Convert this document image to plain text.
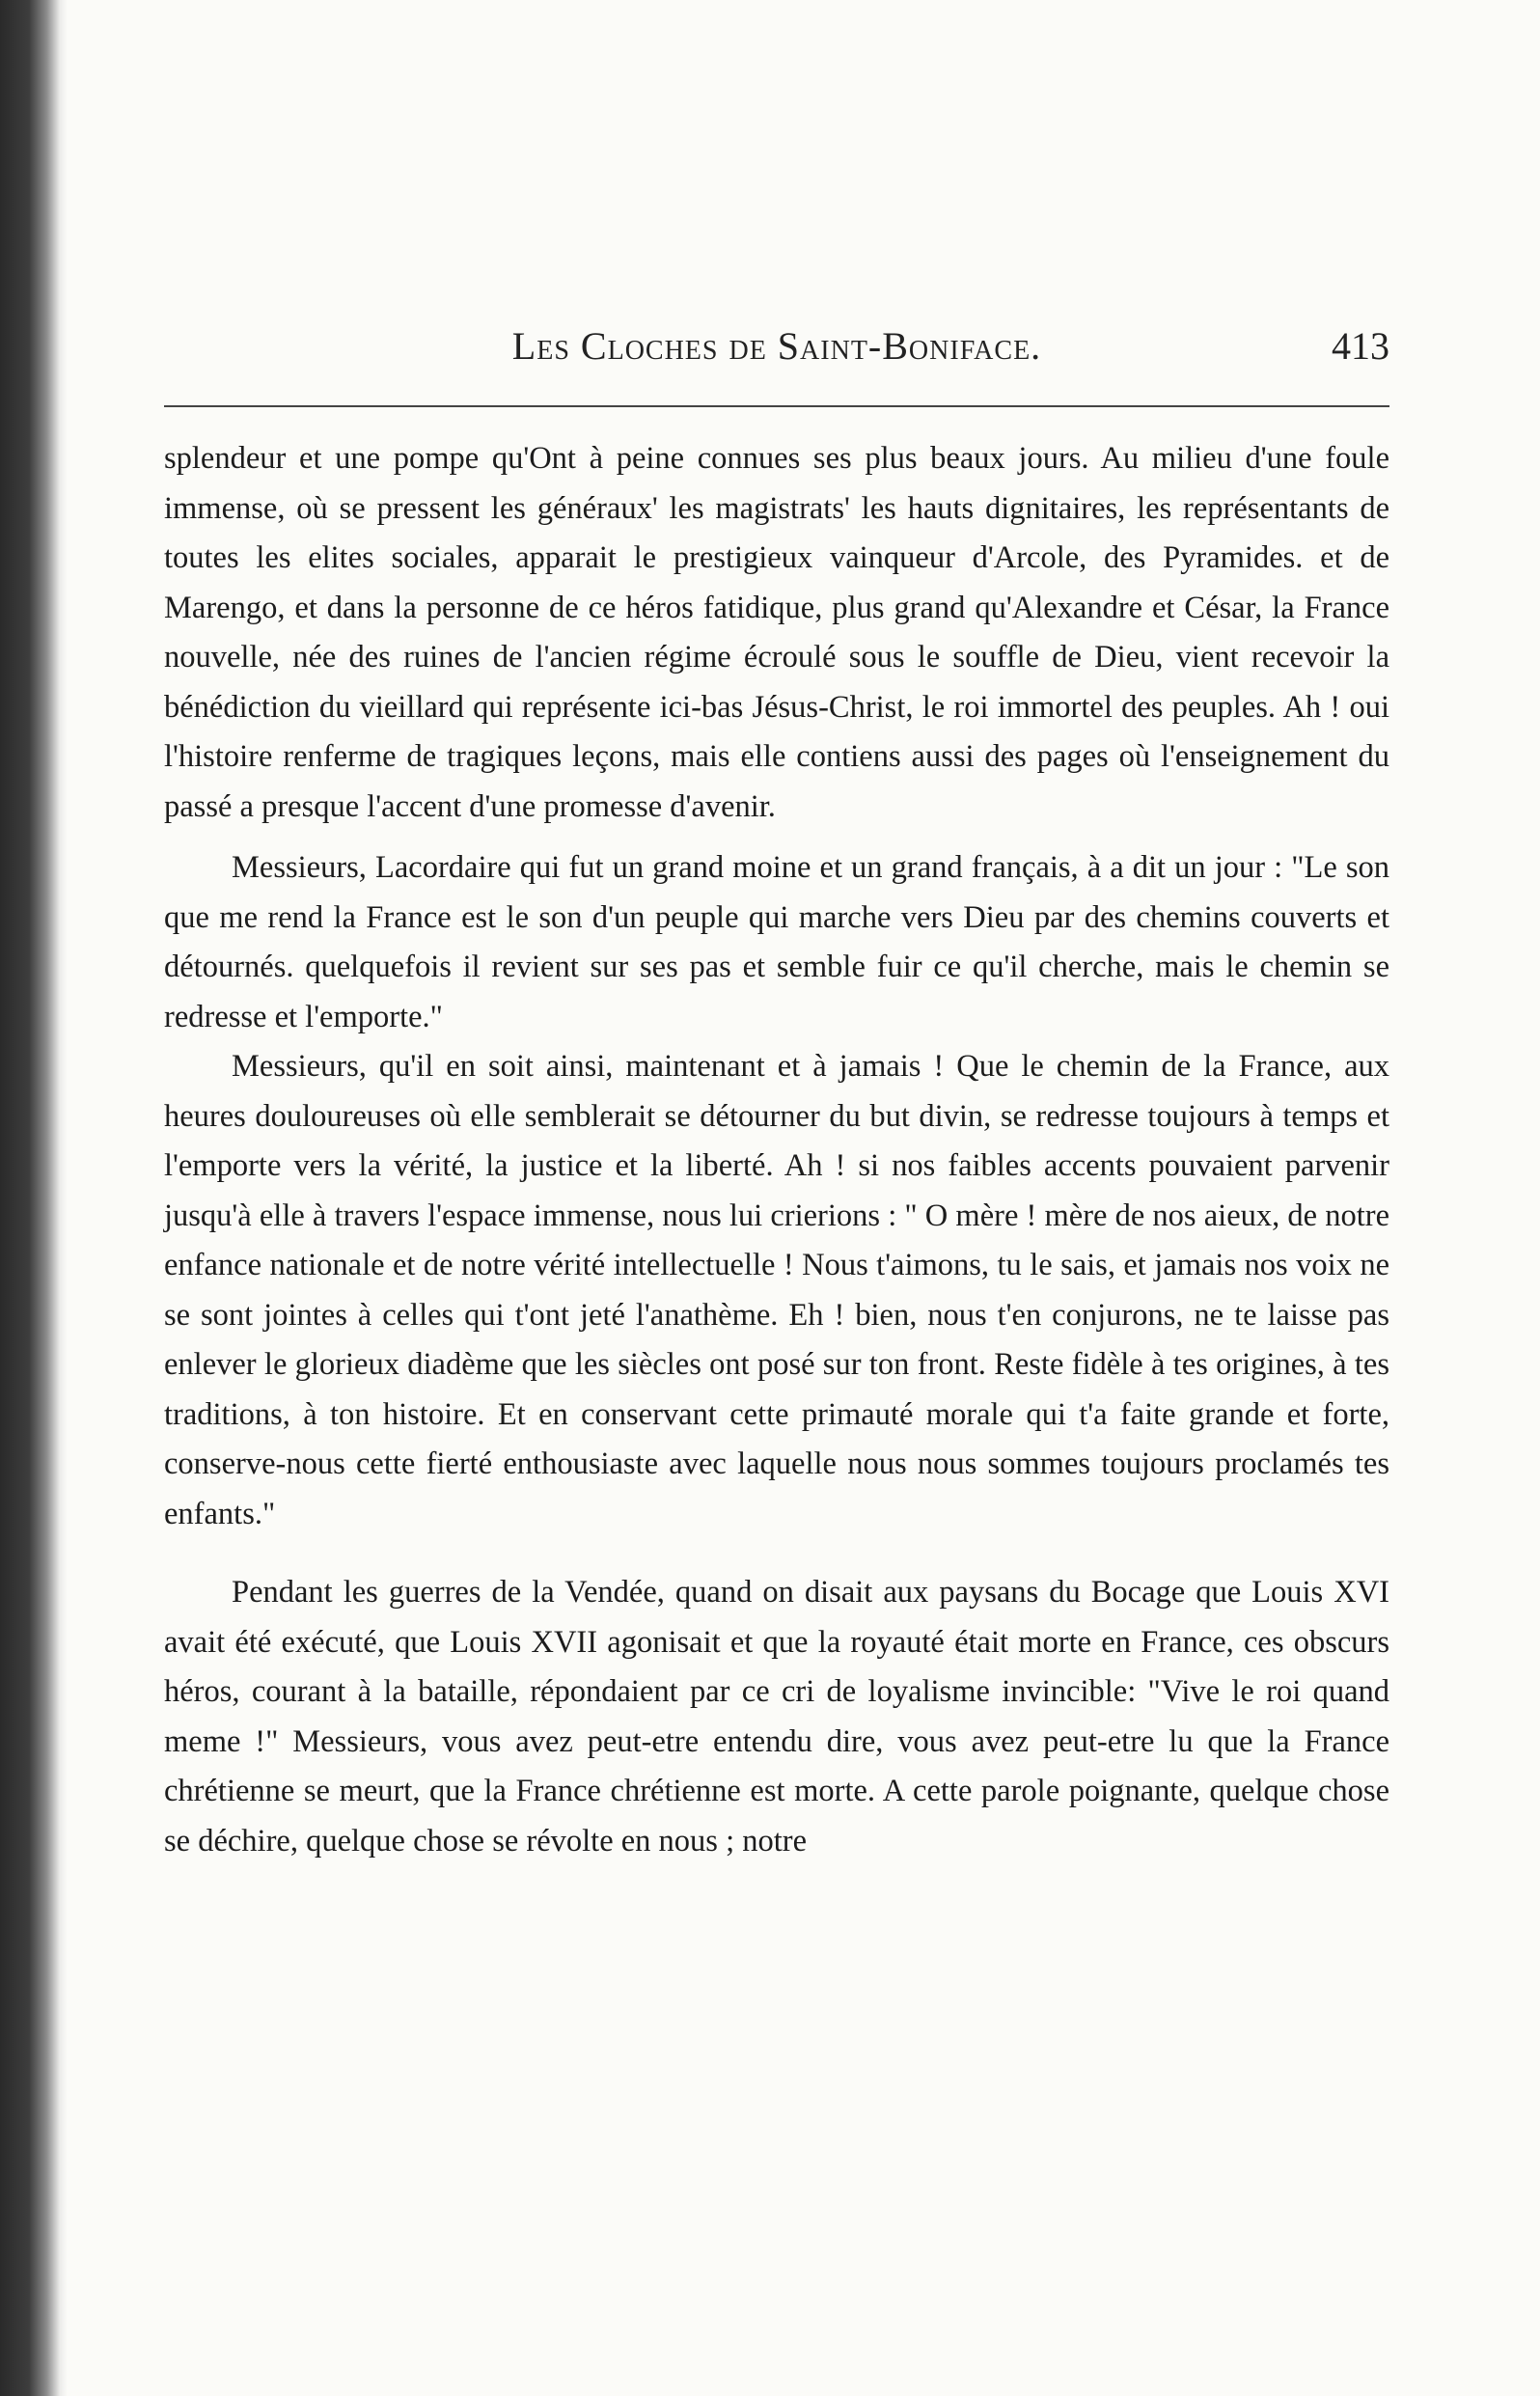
Les Cloches de Saint-Boniface.	413

splendeur et une pompe qu'Ont à peine connues ses plus beaux jours. Au milieu d'une foule immense, où se pressent les généraux' les magistrats' les hauts dignitaires, les représentants de toutes les elites sociales, apparait le prestigieux vainqueur d'Arcole, des Pyramides. et de Marengo, et dans la personne de ce héros fatidique, plus grand qu'Alexandre et César, la France nouvelle, née des ruines de l'ancien régime écroulé sous le souffle de Dieu, vient recevoir la bénédiction du vieillard qui représente ici-bas Jésus-Christ, le roi immortel des peuples. Ah ! oui l'histoire renferme de tragiques leçons, mais elle contiens aussi des pages où l'enseignement du passé a presque l'accent d'une promesse d'avenir.

Messieurs, Lacordaire qui fut un grand moine et un grand français, à a dit un jour : "Le son que me rend la France est le son d'un peuple qui marche vers Dieu par des chemins couverts et détournés. quelquefois il revient sur ses pas et semble fuir ce qu'il cherche, mais le chemin se redresse et l'emporte."

Messieurs, qu'il en soit ainsi, maintenant et à jamais ! Que le chemin de la France, aux heures douloureuses où elle semblerait se détourner du but divin, se redresse toujours à temps et l'emporte vers la vérité, la justice et la liberté. Ah ! si nos faibles accents pouvaient parvenir jusqu'à elle à travers l'espace immense, nous lui crierions : " O mère ! mère de nos aieux, de notre enfance nationale et de notre vérité intellectuelle ! Nous t'aimons, tu le sais, et jamais nos voix ne se sont jointes à celles qui t'ont jeté l'anathème. Eh ! bien, nous t'en conjurons, ne te laisse pas enlever le glorieux diadème que les siècles ont posé sur ton front. Reste fidèle à tes origines, à tes traditions, à ton histoire. Et en conservant cette primauté morale qui t'a faite grande et forte, conserve-nous cette fierté enthousiaste avec laquelle nous nous sommes toujours proclamés tes enfants."

Pendant les guerres de la Vendée, quand on disait aux paysans du Bocage que Louis XVI avait été exécuté, que Louis XVII agonisait et que la royauté était morte en France, ces obscurs héros, courant à la bataille, répondaient par ce cri de loyalisme invincible: "Vive le roi quand meme !" Messieurs, vous avez peut-etre entendu dire, vous avez peut-etre lu que la France chrétienne se meurt, que la France chrétienne est morte. A cette parole poignante, quelque chose se déchire, quelque chose se révolte en nous ; notre
